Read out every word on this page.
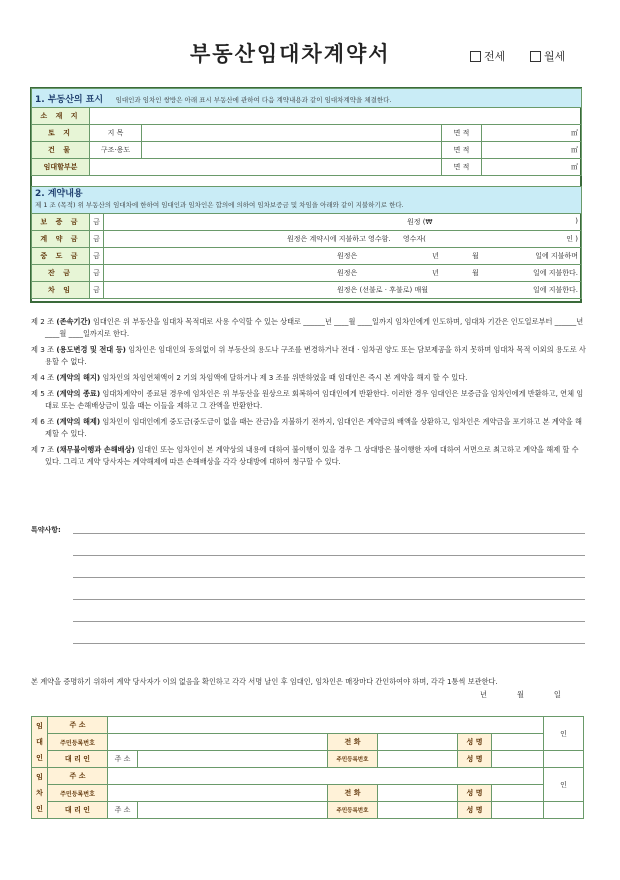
부동산임대차계약서	전세	월세
1. 부동산의 표시 임대인과 임차인 쌍방은 아래 표시 부동산에 관하여 다음 계약내용과 같이 임대차계약을 체결한다.				
소 재 지				
토 지	지 목		면 적	㎡
건 물	구조·용도		면 적	㎡
임대할부분			면 적	㎡
2. 계약내용
제 1 조 (목적) 위 부동산의 임대차에 한하여 임대인과 임차인은 합의에 의하여 임차보증금 및 차임을 아래와 같이 지불하기로 한다.		

보 증 금	금	원정 (₩ )

계 약 금	금	원정은 계약시에 지불하고 영수함. 영수자( 인 )

중 도 금	금	원정은 년 월 일에 지불하며

잔 금	금	원정은 년 월 일에 지불한다.

차 임	금	원정은 (선불로 · 후불로) 매월 일에 지불한다.

제 2 조 (존속기간) 임대인은 위 부동산을 임대차 목적대로 사용 수익할 수 있는 상태로 ______년 ____월 ____일까지 임차인에게 인도하며, 임대차 기간은 인도일로부터 ______년 ____월 ____일까지로 한다.

제 3 조 (용도변경 및 전대 등) 임차인은 임대인의 동의없이 위 부동산의 용도나 구조를 변경하거나 전대 · 임차권 양도 또는 담보제공을 하지 못하며 임대차 목적 이외의 용도로 사용할 수 없다.

제 4 조 (계약의 해지) 임차인의 차임연체액이 2 기의 차임액에 달하거나 제 3 조를 위반하였을 때 임대인은 즉시 본 계약을 해지 할 수 있다.

제 5 조 (계약의 종료) 임대차계약이 종료된 경우에 임차인은 위 부동산을 원상으로 회복하여 임대인에게 반환한다. 이러한 경우 임대인은 보증금을 임차인에게 반환하고, 연체 임대료 또는 손해배상금이 있을 때는 이들을 제하고 그 잔액을 반환한다.

제 6 조 (계약의 해제) 임차인이 임대인에게 중도금(중도금이 없을 때는 잔금)을 지불하기 전까지, 임대인은 계약금의 배액을 상환하고, 임차인은 계약금을 포기하고 본 계약을 해제할 수 있다.

제 7 조 (채무불이행과 손해배상) 임대인 또는 임차인이 본 계약상의 내용에 대하여 불이행이 있을 경우 그 상대방은 불이행한 자에 대하여 서면으로 최고하고 계약을 해제 할 수 있다. 그리고 계약 당사자는 계약해제에 따른 손해배상을 각각 상대방에 대하여 청구할 수 있다.

특약사항:
본 계약을 증명하기 위하여 계약 당사자가 이의 없음을 확인하고 각각 서명 날인 후 임대인, 임차인은 매장마다 간인하여야 하며, 각각 1통씩 보관한다.
년	월	일
임대인	주 소							인
	주민등록번호			전 화		성 명		
	대 리 인	주 소		주민등록번호		성 명		
임차인	주 소							인
	주민등록번호			전 화		성 명		
	대 리 인	주 소		주민등록번호		성 명		
